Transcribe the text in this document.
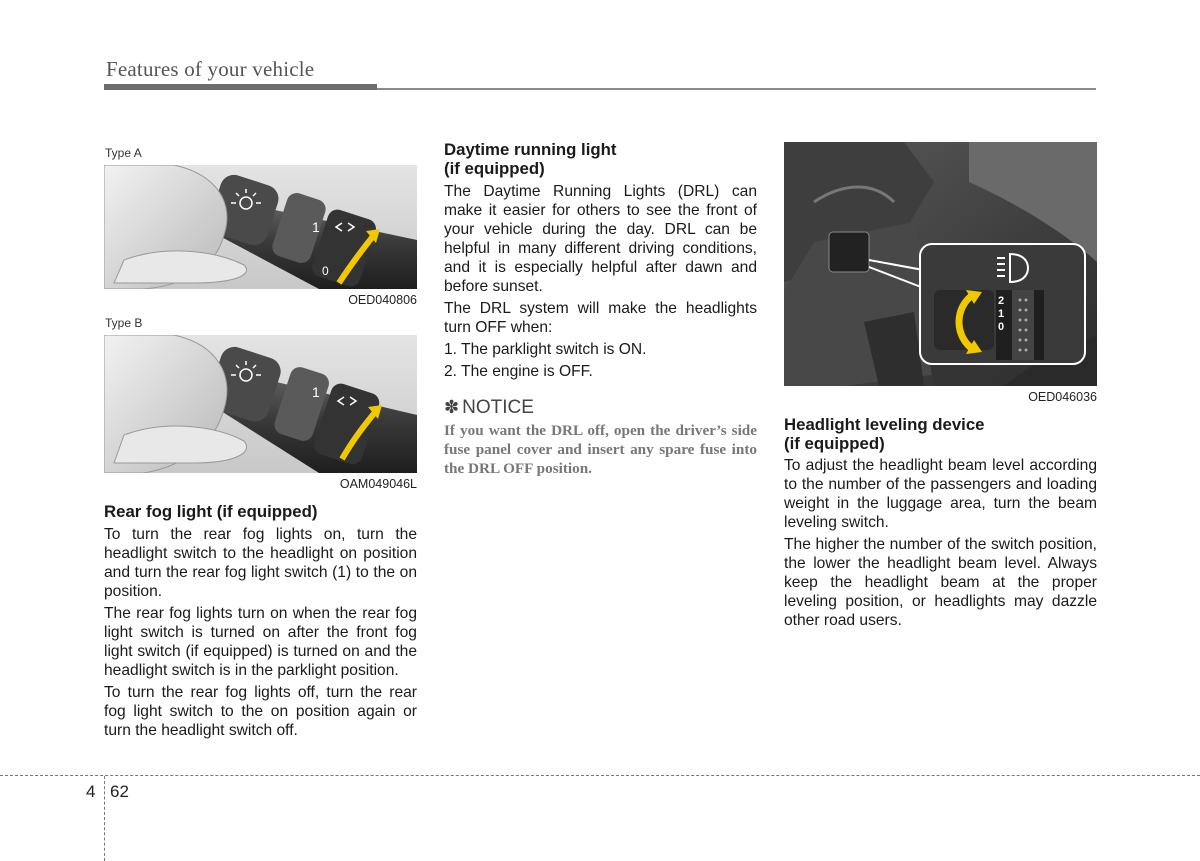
Features of your vehicle
Type A
1
0
OED040806
Type B
1
OAM049046L
Rear fog light (if equipped)

To turn the rear fog lights on, turn the headlight switch to the headlight on position and turn the rear fog light switch (1) to the on position.

The rear fog lights turn on when the rear fog light switch is turned on after the front fog light switch (if equipped) is turned on and the headlight switch is in the parklight position.

To turn the rear fog lights off, turn the rear fog light switch to the on position again or turn the headlight switch off.

Daytime running light
(if equipped)

The Daytime Running Lights (DRL) can make it easier for others to see the front of your vehicle during the day. DRL can be helpful in many different driving conditions, and it is especially helpful after dawn and before sunset.

The DRL system will make the headlights turn OFF when:

1. The parklight switch is ON.

2. The engine is OFF.

✽ NOTICE

If you want the DRL off, open the driver’s side fuse panel cover and insert any spare fuse into the DRL OFF position.

2
1
0
OED046036
Headlight leveling device
(if equipped)

To adjust the headlight beam level according to the number of the passengers and loading weight in the luggage area, turn the beam leveling switch.

The higher the number of the switch position, the lower the headlight beam level. Always keep the headlight beam at the proper leveling position, or headlights may dazzle other road users.

4 62
